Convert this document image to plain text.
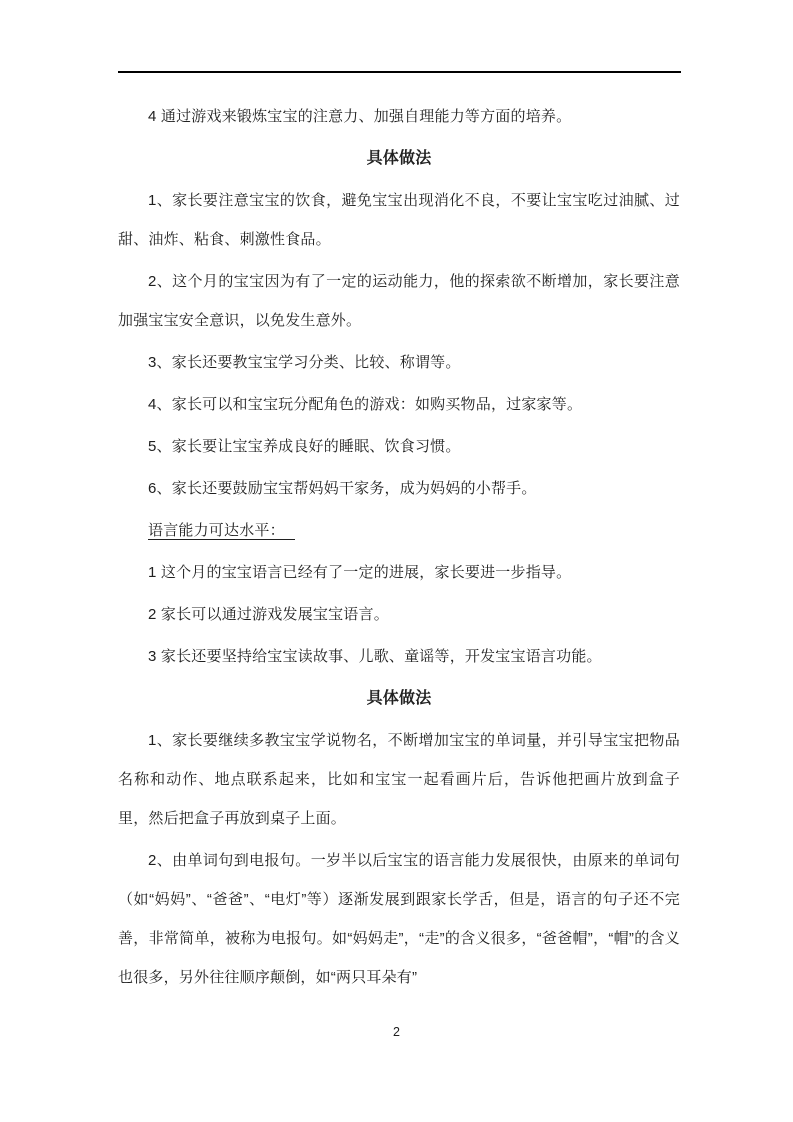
4 通过游戏来锻炼宝宝的注意力、加强自理能力等方面的培养。

具体做法

1、家长要注意宝宝的饮食，避免宝宝出现消化不良，不要让宝宝吃过油腻、过甜、油炸、粘食、刺激性食品。

2、这个月的宝宝因为有了一定的运动能力，他的探索欲不断增加，家长要注意加强宝宝安全意识，以免发生意外。

3、家长还要教宝宝学习分类、比较、称谓等。

4、家长可以和宝宝玩分配角色的游戏：如购买物品，过家家等。

5、家长要让宝宝养成良好的睡眠、饮食习惯。

6、家长还要鼓励宝宝帮妈妈干家务，成为妈妈的小帮手。

语言能力可达水平：

1 这个月的宝宝语言已经有了一定的进展，家长要进一步指导。

2 家长可以通过游戏发展宝宝语言。

3 家长还要坚持给宝宝读故事、儿歌、童谣等，开发宝宝语言功能。

具体做法

1、家长要继续多教宝宝学说物名，不断增加宝宝的单词量，并引导宝宝把物品名称和动作、地点联系起来，比如和宝宝一起看画片后，告诉他把画片放到盒子里，然后把盒子再放到桌子上面。

2、由单词句到电报句。一岁半以后宝宝的语言能力发展很快，由原来的单词句（如“妈妈”、“爸爸”、“电灯”等）逐渐发展到跟家长学舌，但是，语言的句子还不完善，非常简单，被称为电报句。如“妈妈走”，“走”的含义很多，“爸爸帽”，“帽”的含义也很多，另外往往顺序颠倒，如“两只耳朵有”

2
